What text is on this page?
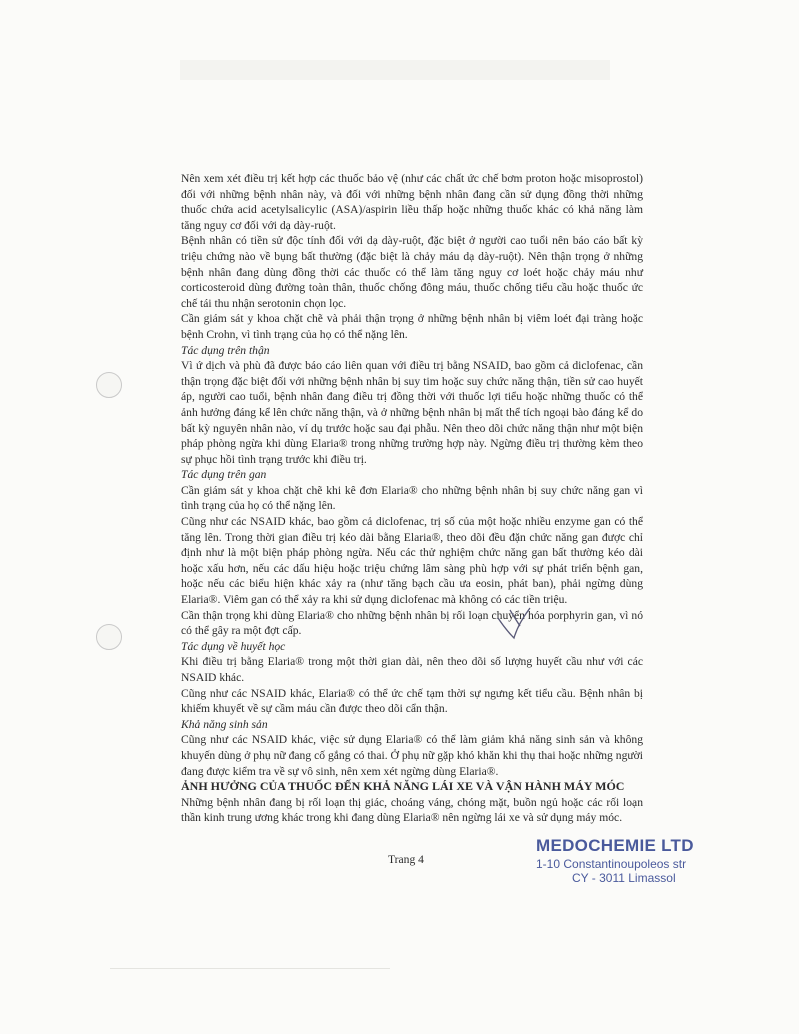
Nên xem xét điều trị kết hợp các thuốc bảo vệ (như các chất ức chế bơm proton hoặc misoprostol) đối với những bệnh nhân này, và đối với những bệnh nhân đang cần sử dụng đồng thời những thuốc chứa acid acetylsalicylic (ASA)/aspirin liều thấp hoặc những thuốc khác có khả năng làm tăng nguy cơ đối với dạ dày-ruột.

Bệnh nhân có tiền sử độc tính đối với dạ dày-ruột, đặc biệt ở người cao tuổi nên báo cáo bất kỳ triệu chứng nào về bụng bất thường (đặc biệt là chảy máu dạ dày-ruột). Nên thận trọng ở những bệnh nhân đang dùng đồng thời các thuốc có thể làm tăng nguy cơ loét hoặc chảy máu như corticosteroid dùng đường toàn thân, thuốc chống đông máu, thuốc chống tiểu cầu hoặc thuốc ức chế tái thu nhận serotonin chọn lọc.

Cần giám sát y khoa chặt chẽ và phải thận trọng ở những bệnh nhân bị viêm loét đại tràng hoặc bệnh Crohn, vì tình trạng của họ có thể nặng lên.

Tác dụng trên thận

Vì ứ dịch và phù đã được báo cáo liên quan với điều trị bằng NSAID, bao gồm cả diclofenac, cần thận trọng đặc biệt đối với những bệnh nhân bị suy tim hoặc suy chức năng thận, tiền sử cao huyết áp, người cao tuổi, bệnh nhân đang điều trị đồng thời với thuốc lợi tiểu hoặc những thuốc có thể ảnh hưởng đáng kể lên chức năng thận, và ở những bệnh nhân bị mất thể tích ngoại bào đáng kể do bất kỳ nguyên nhân nào, ví dụ trước hoặc sau đại phẫu. Nên theo dõi chức năng thận như một biện pháp phòng ngừa khi dùng Elaria® trong những trường hợp này. Ngừng điều trị thường kèm theo sự phục hồi tình trạng trước khi điều trị.

Tác dụng trên gan

Cần giám sát y khoa chặt chẽ khi kê đơn Elaria® cho những bệnh nhân bị suy chức năng gan vì tình trạng của họ có thể nặng lên.

Cũng như các NSAID khác, bao gồm cả diclofenac, trị số của một hoặc nhiều enzyme gan có thể tăng lên. Trong thời gian điều trị kéo dài bằng Elaria®, theo dõi đều đặn chức năng gan được chỉ định như là một biện pháp phòng ngừa. Nếu các thử nghiệm chức năng gan bất thường kéo dài hoặc xấu hơn, nếu các dấu hiệu hoặc triệu chứng lâm sàng phù hợp với sự phát triển bệnh gan, hoặc nếu các biểu hiện khác xảy ra (như tăng bạch cầu ưa eosin, phát ban), phải ngừng dùng Elaria®. Viêm gan có thể xảy ra khi sử dụng diclofenac mà không có các tiền triệu.

Cần thận trọng khi dùng Elaria® cho những bệnh nhân bị rối loạn chuyển hóa porphyrin gan, vì nó có thể gây ra một đợt cấp.

Tác dụng về huyết học

Khi điều trị bằng Elaria® trong một thời gian dài, nên theo dõi số lượng huyết cầu như với các NSAID khác.

Cũng như các NSAID khác, Elaria® có thể ức chế tạm thời sự ngưng kết tiểu cầu. Bệnh nhân bị khiếm khuyết về sự cầm máu cần được theo dõi cẩn thận.

Khả năng sinh sản

Cũng như các NSAID khác, việc sử dụng Elaria® có thể làm giảm khả năng sinh sản và không khuyến dùng ở phụ nữ đang cố gắng có thai. Ở phụ nữ gặp khó khăn khi thụ thai hoặc những người đang được kiểm tra về sự vô sinh, nên xem xét ngừng dùng Elaria®.

ẢNH HƯỞNG CỦA THUỐC ĐẾN KHẢ NĂNG LÁI XE VÀ VẬN HÀNH MÁY MÓC

Những bệnh nhân đang bị rối loạn thị giác, choáng váng, chóng mặt, buồn ngủ hoặc các rối loạn thần kinh trung ương khác trong khi đang dùng Elaria® nên ngừng lái xe và sử dụng máy móc.

Trang 4
MEDOCHEMIE LTD
1-10 Constantinoupoleos str
CY - 3011 Limassol
